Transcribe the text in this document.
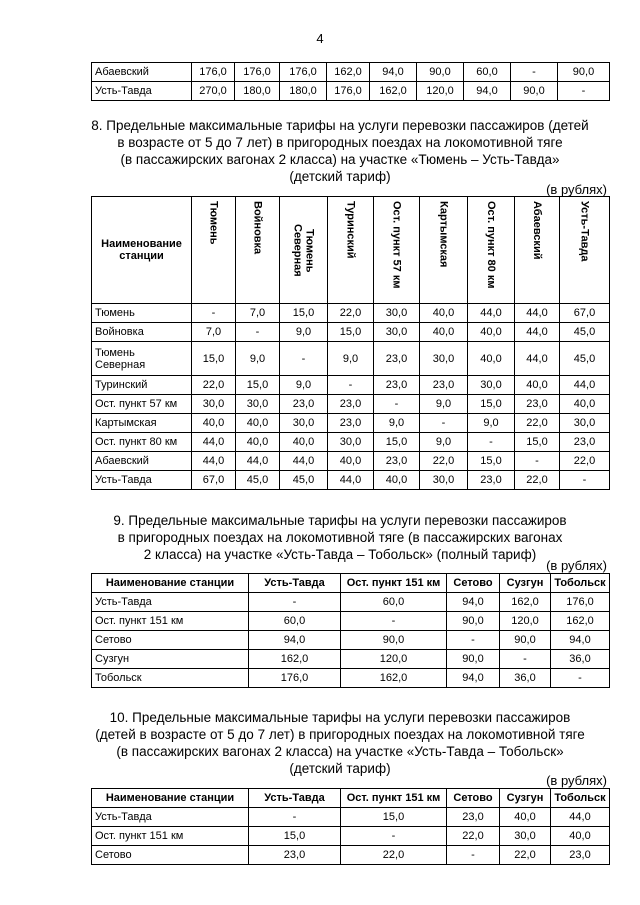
4
Абаевский	176,0	176,0	176,0	162,0	94,0	90,0	60,0	-	90,0
Усть-Тавда	270,0	180,0	180,0	176,0	162,0	120,0	94,0	90,0	-
8. Предельные максимальные тарифы на услуги перевозки пассажиров (детей
в возрасте от 5 до 7 лет) в пригородных поездах на локомотивной тяге
(в пассажирских вагонах 2 класса) на участке «Тюмень – Усть-Тавда»
(детский тариф)
(в рублях)
Наименование станции	Тюмень	Войновка	Тюмень Северная	Туринский	Ост. пункт 57 км	Картымская	Ост. пункт 80 км	Абаевский	Усть-Тавда
Тюмень	-	7,0	15,0	22,0	30,0	40,0	44,0	44,0	67,0
Войновка	7,0	-	9,0	15,0	30,0	40,0	40,0	44,0	45,0
Тюмень Северная	15,0	9,0	-	9,0	23,0	30,0	40,0	44,0	45,0
Туринский	22,0	15,0	9,0	-	23,0	23,0	30,0	40,0	44,0
Ост. пункт 57 км	30,0	30,0	23,0	23,0	-	9,0	15,0	23,0	40,0
Картымская	40,0	40,0	30,0	23,0	9,0	-	9,0	22,0	30,0
Ост. пункт 80 км	44,0	40,0	40,0	30,0	15,0	9,0	-	15,0	23,0
Абаевский	44,0	44,0	44,0	40,0	23,0	22,0	15,0	-	22,0
Усть-Тавда	67,0	45,0	45,0	44,0	40,0	30,0	23,0	22,0	-
9. Предельные максимальные тарифы на услуги перевозки пассажиров
в пригородных поездах на локомотивной тяге (в пассажирских вагонах
2 класса) на участке «Усть-Тавда – Тобольск» (полный тариф)
(в рублях)
Наименование станции	Усть-Тавда	Ост. пункт 151 км	Сетово	Сузгун	Тобольск
Усть-Тавда	-	60,0	94,0	162,0	176,0
Ост. пункт 151 км	60,0	-	90,0	120,0	162,0
Сетово	94,0	90,0	-	90,0	94,0
Сузгун	162,0	120,0	90,0	-	36,0
Тобольск	176,0	162,0	94,0	36,0	-
10. Предельные максимальные тарифы на услуги перевозки пассажиров
(детей в возрасте от 5 до 7 лет) в пригородных поездах на локомотивной тяге
(в пассажирских вагонах 2 класса) на участке «Усть-Тавда – Тобольск»
(детский тариф)
(в рублях)
Наименование станции	Усть-Тавда	Ост. пункт 151 км	Сетово	Сузгун	Тобольск
Усть-Тавда	-	15,0	23,0	40,0	44,0
Ост. пункт 151 км	15,0	-	22,0	30,0	40,0
Сетово	23,0	22,0	-	22,0	23,0
